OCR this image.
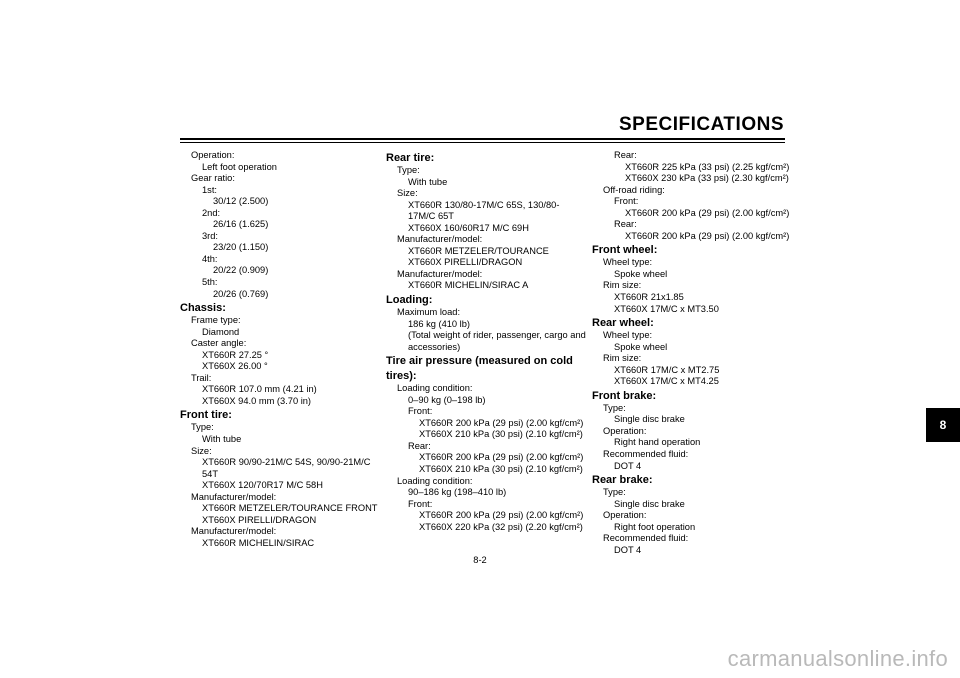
SPECIFICATIONS
Operation:
Left foot operation
Gear ratio:
1st:
30/12 (2.500)
2nd:
26/16 (1.625)
3rd:
23/20 (1.150)
4th:
20/22 (0.909)
5th:
20/26 (0.769)
Chassis:
Frame type:
Diamond
Caster angle:
XT660R 27.25 °
XT660X 26.00 °
Trail:
XT660R 107.0 mm (4.21 in)
XT660X 94.0 mm (3.70 in)
Front tire:
Type:
With tube
Size:
XT660R 90/90-21M/C 54S, 90/90-21M/C
54T
XT660X 120/70R17 M/C 58H
Manufacturer/model:
XT660R METZELER/TOURANCE FRONT
XT660X PIRELLI/DRAGON
Manufacturer/model:
XT660R MICHELIN/SIRAC
Rear tire:
Type:
With tube
Size:
XT660R 130/80-17M/C 65S, 130/80-
17M/C 65T
XT660X 160/60R17 M/C 69H
Manufacturer/model:
XT660R METZELER/TOURANCE
XT660X PIRELLI/DRAGON
Manufacturer/model:
XT660R MICHELIN/SIRAC A
Loading:
Maximum load:
186 kg (410 lb)
(Total weight of rider, passenger, cargo and
accessories)
Tire air pressure (measured on cold
tires):
Loading condition:
0–90 kg (0–198 lb)
Front:
XT660R 200 kPa (29 psi) (2.00 kgf/cm²)
XT660X 210 kPa (30 psi) (2.10 kgf/cm²)
Rear:
XT660R 200 kPa (29 psi) (2.00 kgf/cm²)
XT660X 210 kPa (30 psi) (2.10 kgf/cm²)
Loading condition:
90–186 kg (198–410 lb)
Front:
XT660R 200 kPa (29 psi) (2.00 kgf/cm²)
XT660X 220 kPa (32 psi) (2.20 kgf/cm²)
Rear:
XT660R 225 kPa (33 psi) (2.25 kgf/cm²)
XT660X 230 kPa (33 psi) (2.30 kgf/cm²)
Off-road riding:
Front:
XT660R 200 kPa (29 psi) (2.00 kgf/cm²)
Rear:
XT660R 200 kPa (29 psi) (2.00 kgf/cm²)
Front wheel:
Wheel type:
Spoke wheel
Rim size:
XT660R 21x1.85
XT660X 17M/C x MT3.50
Rear wheel:
Wheel type:
Spoke wheel
Rim size:
XT660R 17M/C x MT2.75
XT660X 17M/C x MT4.25
Front brake:
Type:
Single disc brake
Operation:
Right hand operation
Recommended fluid:
DOT 4
Rear brake:
Type:
Single disc brake
Operation:
Right foot operation
Recommended fluid:
DOT 4
8
8-2
carmanualsonline.info
